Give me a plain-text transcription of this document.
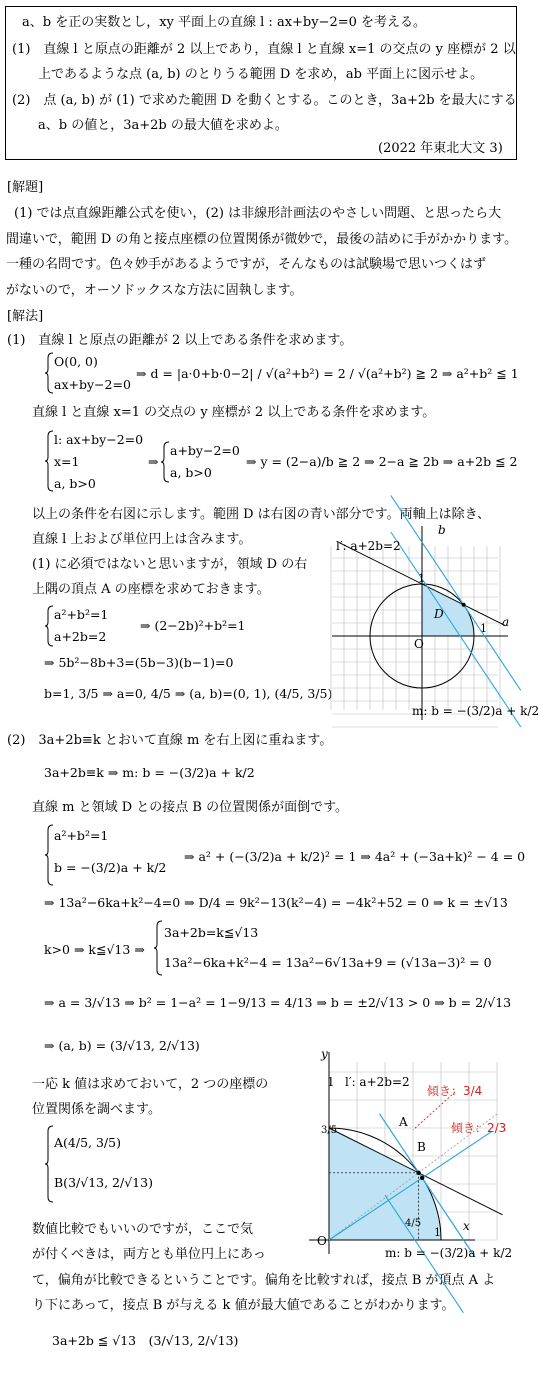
a、b を正の実数とし，xy 平面上の直線 l : ax+by−2=0 を考える。
(1)　直線 l と原点の距離が 2 以上であり，直線 l と直線 x=1 の交点の y 座標が 2 以
上であるような点 (a, b) のとりうる範囲 D を求め，ab 平面上に図示せよ。
(2)　点 (a, b) が (1) で求めた範囲 D を動くとする。このとき，3a+2b を最大にする
a、b の値と，3a+2b の最大値を求めよ。
(2022 年東北大文 3)
[解題]
(1) では点直線距離公式を使い，(2) は非線形計画法のやさしい問題、と思ったら大
間違いで，範囲 D の角と接点座標の位置関係が微妙で，最後の詰めに手がかかります。
一種の名問です。色々妙手があるようですが，そんなものは試験場で思いつくはず
がないので，オーソドックスな方法に固執します。
[解法]
(1)　直線 l と原点の距離が 2 以上である条件を求めます。
O(0, 0)
ax+by−2=0
⇒ d = |a·0+b·0−2| / √(a²+b²) = 2 / √(a²+b²) ≧ 2 ⇒ a²+b² ≦ 1
直線 l と直線 x=1 の交点の y 座標が 2 以上である条件を求めます。
l: ax+by−2=0
x=1
a, b>0
⇒
a+by−2=0
a, b>0
⇒ y = (2−a)/b ≧ 2 ⇒ 2−a ≧ 2b ⇒ a+2b ≦ 2
以上の条件を右図に示します。範囲 D は右図の青い部分です。両軸上は除き、
直線 l 上および単位円上は含みます。
(1) に必須ではないと思いますが，領域 D の右
上隅の頂点 A の座標を求めておきます。
a²+b²=1
a+2b=2
⇒ (2−2b)²+b²=1
⇒ 5b²−8b+3=(5b−3)(b−1)=0
b=1, 3/5 ⇒ a=0, 4/5 ⇒ (a, b)=(0, 1), (4/5, 3/5)
l′: a+2b=2
b
a
O
1
1
D
m: b = −(3/2)a + k/2
(2)　3a+2b≡k とおいて直線 m を右上図に重ねます。
3a+2b≡k ⇒ m: b = −(3/2)a + k/2
直線 m と領域 D との接点 B の位置関係が面倒です。
a²+b²=1
b = −(3/2)a + k/2
⇒ a² + (−(3/2)a + k/2)² = 1 ⇒ 4a² + (−3a+k)² − 4 = 0
⇒ 13a²−6ka+k²−4=0 ⇒ D/4 = 9k²−13(k²−4) = −4k²+52 = 0 ⇒ k = ±√13
k>0 ⇒ k≦√13 ⇒
3a+2b=k≦√13
13a²−6ka+k²−4 = 13a²−6√13a+9 = (√13a−3)² = 0
⇒ a = 3/√13 ⇒ b² = 1−a² = 1−9/13 = 4/13 ⇒ b = ±2/√13 > 0 ⇒ b = 2/√13
⇒ (a, b) = (3/√13, 2/√13)
一応 k 値は求めておいて，2 つの座標の
位置関係を調べます。
A(4/5, 3/5)
B(3/√13, 2/√13)
数値比較でもいいのですが，ここで気
が付くべきは，両方とも単位円上にあっ
て，偏角が比較できるということです。偏角を比較すれば，接点 B が頂点 A よ
り下にあって，接点 B が与える k 値が最大値であることがわかります。
3a+2b ≦ √13　(3/√13, 2/√13)
y
x
O
1
1
l′: a+2b=2
A
B
3/5
4/5
傾き：3/4
傾き：2/3
m: b = −(3/2)a + k/2
